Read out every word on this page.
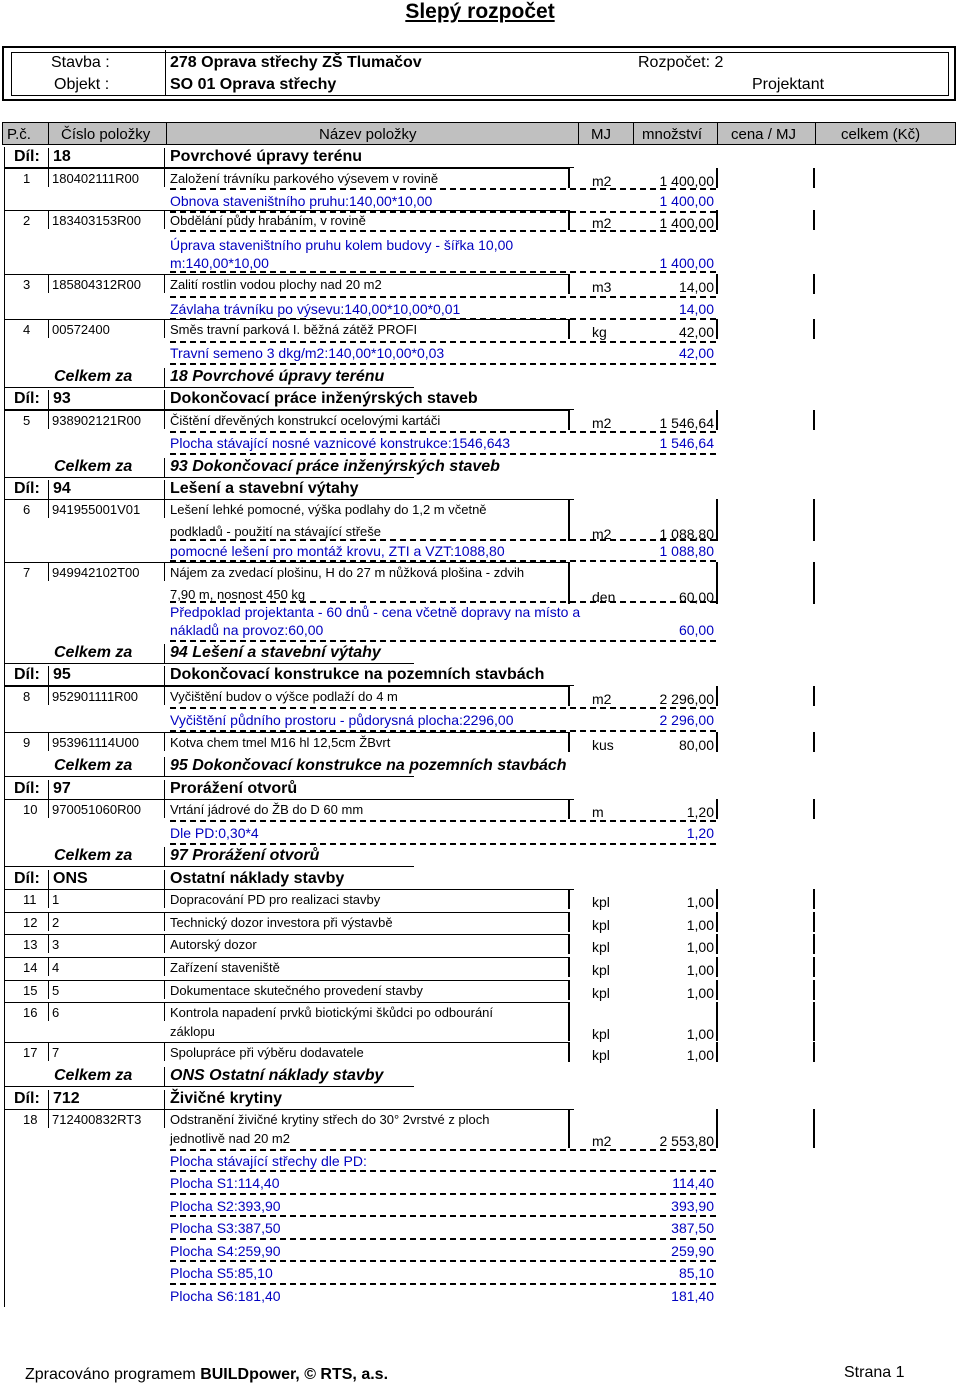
Slepý rozpočet
Stavba :	278 Oprava střechy ZŠ Tlumačov
Objekt :	SO 01 Oprava střechy
Rozpočet: 2
Projektant
P.č. Číslo položky	Název položky	MJ množství cena / MJ	celkem (Kč)
Díl: 18	Povrchové úpravy terénu
1 180402111R00 Založení trávníku parkového výsevem v rovině	m2	1 400,00
Obnova staveništního pruhu:140,00*10,00	1 400,00
2 183403153R00 Obdělání půdy hrabáním, v rovině	m2	1 400,00
Úprava staveništního pruhu kolem budovy - šířka 10,00
m:140,00*10,00	1 400,00
3 185804312R00 Zalití rostlin vodou plochy nad 20 m2	m3	14,00
Závlaha trávníku po výsevu:140,00*10,00*0,01	14,00
4 00572400	Směs travní parková I. běžná zátěž PROFI	kg	42,00
Travní semeno 3 dkg/m2:140,00*10,00*0,03	42,00
Celkem za 18 Povrchové úpravy terénu
Díl: 93	Dokončovací práce inženýrských staveb
5 938902121R00 Čištění dřevěných konstrukcí ocelovými kartáči	m2	1 546,64
Plocha stávající nosné vaznicové konstrukce:1546,643	1 546,64
Celkem za 93 Dokončovací práce inženýrských staveb
Díl: 94	Lešení a stavební výtahy
6 941955001V01 Lešení lehké pomocné, výška podlahy do 1,2 m včetně
podkladů - použití na stávající střeše	m2	1 088,80
pomocné lešení pro montáž krovu, ZTI a VZT:1088,80	1 088,80
7 949942102T00 Nájem za zvedací plošinu, H do 27 m nůžková plošina - zdvih
7,90 m, nosnost 450 kg	den	60,00
Předpoklad projektanta - 60 dnů - cena včetně dopravy na místo a
nákladů na provoz:60,00	60,00
Celkem za 94 Lešení a stavební výtahy
Díl: 95	Dokončovací konstrukce na pozemních stavbách
8 952901111R00 Vyčištění budov o výšce podlaží do 4 m	m2	2 296,00
Vyčištění půdního prostoru - půdorysná plocha:2296,00	2 296,00
9 953961114U00 Kotva chem tmel M16 hl 12,5cm ŽBvrt	kus	80,00
Celkem za 95 Dokončovací konstrukce na pozemních stavbách
Díl: 97	Prorážení otvorů
10 970051060R00 Vrtání jádrové do ŽB do D 60 mm	m	1,20
Dle PD:0,30*4	1,20
Celkem za 97 Prorážení otvorů
Díl: ONS	Ostatní náklady stavby
11 1	Dopracování PD pro realizaci stavby	kpl	1,00
12 2	Technický dozor investora při výstavbě	kpl	1,00
13 3	Autorský dozor	kpl	1,00
14 4	Zařízení staveniště	kpl	1,00
15 5	Dokumentace skutečného provedení stavby	kpl	1,00
16 6	Kontrola napadení prvků biotickými škůdci po odbourání
záklopu	kpl	1,00
17 7	Spolupráce při výběru dodavatele	kpl	1,00
Celkem za ONS Ostatní náklady stavby
Díl: 712	Živičné krytiny
18 712400832RT3 Odstranění živičné krytiny střech do 30° 2vrstvé z ploch
jednotlivě nad 20 m2	m2	2 553,80
Plocha stávající střechy dle PD:
Plocha S1:114,40	114,40
Plocha S2:393,90	393,90
Plocha S3:387,50	387,50
Plocha S4:259,90	259,90
Plocha S5:85,10	85,10
Plocha S6:181,40	181,40
Zpracováno programem BUILDpower, © RTS, a.s.	Strana 1
